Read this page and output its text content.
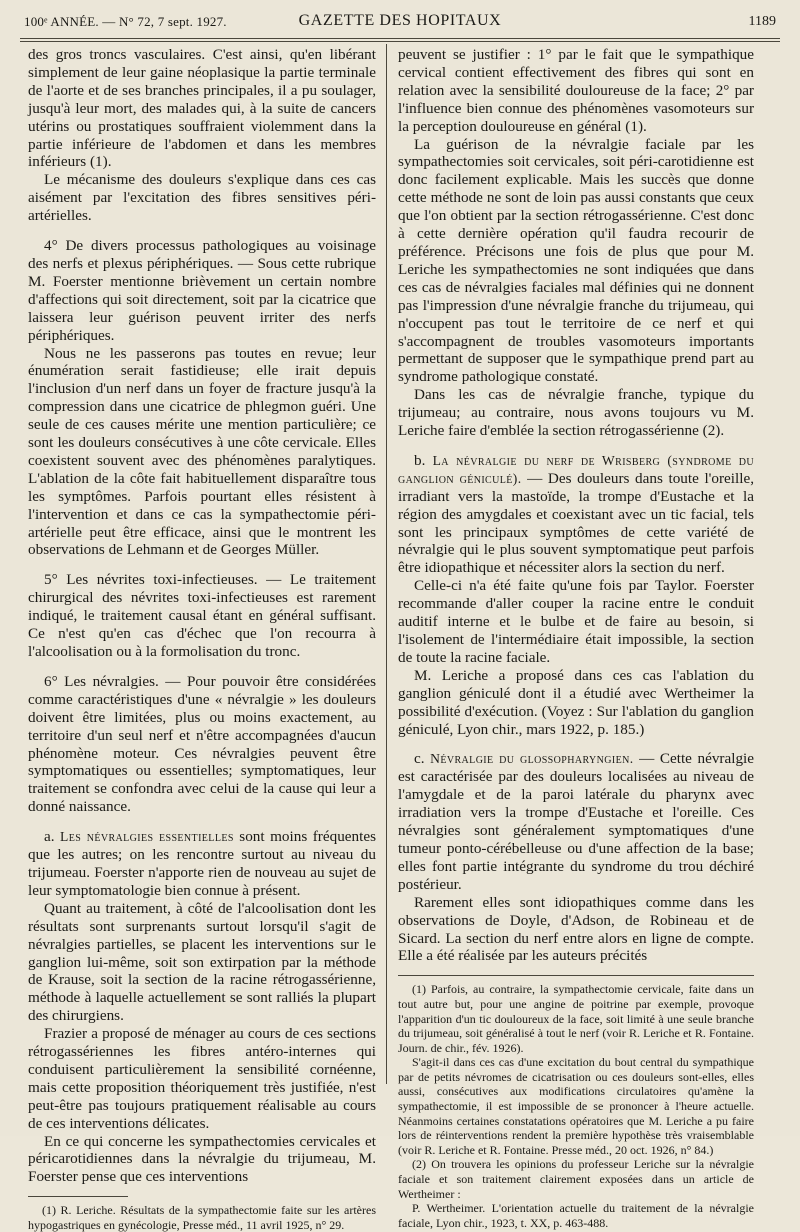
100ᵉ ANNÉE. — N° 72, 7 sept. 1927.	GAZETTE DES HOPITAUX	1189

des gros troncs vasculaires. C'est ainsi, qu'en libérant simplement de leur gaine néoplasique la partie terminale de l'aorte et de ses branches principales, il a pu soulager, jusqu'à leur mort, des malades qui, à la suite de cancers utérins ou prostatiques souffraient violemment dans la partie inférieure de l'abdomen et dans les membres inférieurs (1).

Le mécanisme des douleurs s'explique dans ces cas aisément par l'excitation des fibres sensitives péri-artérielles.

4° De divers processus pathologiques au voisinage des nerfs et plexus périphériques. — Sous cette rubrique M. Foerster mentionne brièvement un certain nombre d'affections qui soit directement, soit par la cicatrice que laissera leur guérison peuvent irriter des nerfs périphériques.

Nous ne les passerons pas toutes en revue; leur énumération serait fastidieuse; elle irait depuis l'inclusion d'un nerf dans un foyer de fracture jusqu'à la compression dans une cicatrice de phlegmon guéri. Une seule de ces causes mérite une mention particulière; ce sont les douleurs consécutives à une côte cervicale. Elles coexistent souvent avec des phénomènes paralytiques. L'ablation de la côte fait habituellement disparaître tous les symptômes. Parfois pourtant elles résistent à l'intervention et dans ce cas la sympathectomie péri-artérielle peut être efficace, ainsi que le montrent les observations de Lehmann et de Georges Müller.

5° Les névrites toxi-infectieuses. — Le traitement chirurgical des névrites toxi-infectieuses est rarement indiqué, le traitement causal étant en général suffisant. Ce n'est qu'en cas d'échec que l'on recourra à l'alcoolisation ou à la formolisation du tronc.

6° Les névralgies. — Pour pouvoir être considérées comme caractéristiques d'une « névralgie » les douleurs doivent être limitées, plus ou moins exactement, au territoire d'un seul nerf et n'être accompagnées d'aucun phénomène moteur. Ces névralgies peuvent être symptomatiques ou essentielles; symptomatiques, leur traitement se confondra avec celui de la cause qui leur a donné naissance.

a. Les névralgies essentielles sont moins fréquentes que les autres; on les rencontre surtout au niveau du trijumeau. Foerster n'apporte rien de nouveau au sujet de leur symptomatologie bien connue à présent.

Quant au traitement, à côté de l'alcoolisation dont les résultats sont surprenants surtout lorsqu'il s'agit de névralgies partielles, se placent les interventions sur le ganglion lui-même, soit son extirpation par la méthode de Krause, soit la section de la racine rétrogassérienne, méthode à laquelle actuellement se sont ralliés la plupart des chirurgiens.

Frazier a proposé de ménager au cours de ces sections rétrogassériennes les fibres antéro-internes qui conduisent particulièrement la sensibilité cornéenne, mais cette proposition théoriquement très justifiée, n'est peut-être pas toujours pratiquement réalisable au cours de ces interventions délicates.

En ce qui concerne les sympathectomies cervicales et péricarotidiennes dans la névralgie du trijumeau, M. Foerster pense que ces interventions

(1) R. Leriche. Résultats de la sympathectomie faite sur les artères hypogastriques en gynécologie, Presse méd., 11 avril 1925, n° 29.

peuvent se justifier : 1° par le fait que le sympathique cervical contient effectivement des fibres qui sont en relation avec la sensibilité douloureuse de la face; 2° par l'influence bien connue des phénomènes vasomoteurs sur la perception douloureuse en général (1).

La guérison de la névralgie faciale par les sympathectomies soit cervicales, soit péri-carotidienne est donc facilement explicable. Mais les succès que donne cette méthode ne sont de loin pas aussi constants que ceux que l'on obtient par la section rétrogassérienne. C'est donc à cette dernière opération qu'il faudra recourir de préférence. Précisons une fois de plus que pour M. Leriche les sympathectomies ne sont indiquées que dans ces cas de névralgies faciales mal définies qui ne donnent pas l'impression d'une névralgie franche du trijumeau, qui n'occupent pas tout le territoire de ce nerf et qui s'accompagnent de troubles vasomoteurs importants permettant de supposer que le sympathique prend part au syndrome pathologique constaté.

Dans les cas de névralgie franche, typique du trijumeau; au contraire, nous avons toujours vu M. Leriche faire d'emblée la section rétrogassérienne (2).

b. La névralgie du nerf de Wrisberg (syndrome du ganglion géniculé). — Des douleurs dans toute l'oreille, irradiant vers la mastoïde, la trompe d'Eustache et la région des amygdales et coexistant avec un tic facial, tels sont les principaux symptômes de cette variété de névralgie qui le plus souvent symptomatique peut parfois être idiopathique et nécessiter alors la section du nerf.

Celle-ci n'a été faite qu'une fois par Taylor. Foerster recommande d'aller couper la racine entre le conduit auditif interne et le bulbe et de faire au besoin, si l'isolement de l'intermédiaire était impossible, la section de toute la racine faciale.

M. Leriche a proposé dans ces cas l'ablation du ganglion géniculé dont il a étudié avec Wertheimer la possibilité d'exécution. (Voyez : Sur l'ablation du ganglion géniculé, Lyon chir., mars 1922, p. 185.)

c. Névralgie du glossopharyngien. — Cette névralgie est caractérisée par des douleurs localisées au niveau de l'amygdale et de la paroi latérale du pharynx avec irradiation vers la trompe d'Eustache et l'oreille. Ces névralgies sont généralement symptomatiques d'une tumeur ponto-cérébelleuse ou d'une affection de la base; elles font partie intégrante du syndrome du trou déchiré postérieur.

Rarement elles sont idiopathiques comme dans les observations de Doyle, d'Adson, de Robineau et de Sicard. La section du nerf entre alors en ligne de compte. Elle a été réalisée par les auteurs précités

(1) Parfois, au contraire, la sympathectomie cervicale, faite dans un tout autre but, pour une angine de poitrine par exemple, provoque l'apparition d'un tic douloureux de la face, soit limité à une seule branche du trijumeau, soit généralisé à tout le nerf (voir R. Leriche et R. Fontaine. Journ. de chir., fév. 1926).

S'agit-il dans ces cas d'une excitation du bout central du sympathique par de petits névromes de cicatrisation ou ces douleurs sont-elles, elles aussi, consécutives aux modifications circulatoires qu'amène la sympathectomie, il est impossible de se prononcer à l'heure actuelle. Néanmoins certaines constatations opératoires que M. Leriche a pu faire lors de réinterventions rendent la première hypothèse très vraisemblable (voir R. Leriche et R. Fontaine. Presse méd., 20 oct. 1926, n° 84.)

(2) On trouvera les opinions du professeur Leriche sur la névralgie faciale et son traitement clairement exposées dans un article de Wertheimer :

P. Wertheimer. L'orientation actuelle du traitement de la névralgie faciale, Lyon chir., 1923, t. XX, p. 463-488.
